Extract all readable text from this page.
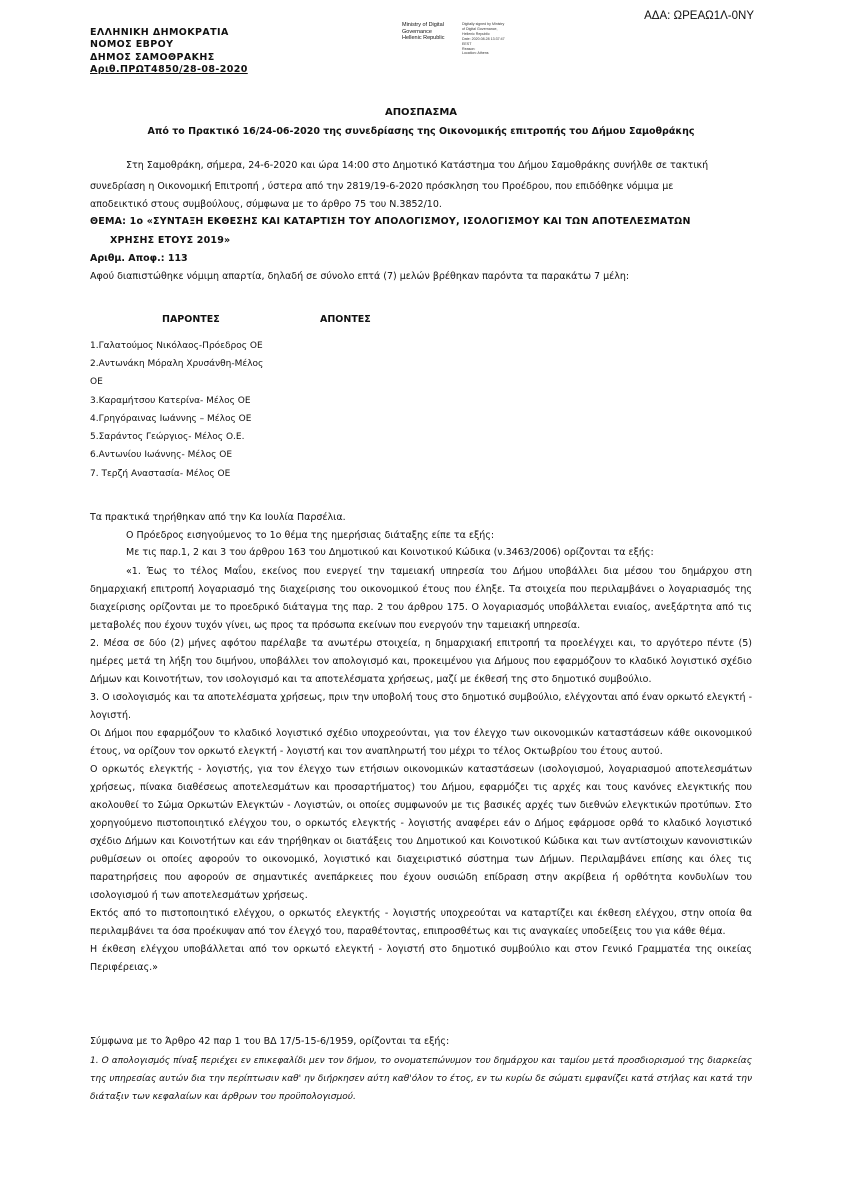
ΑΔΑ: ΩΡΕΑΩ1Λ-0ΝΥ
ΕΛΛΗΝΙΚΗ ΔΗΜΟΚΡΑΤΙΑ
ΝΟΜΟΣ ΕΒΡΟΥ
ΔΗΜΟΣ ΣΑΜΟΘΡΑΚΗΣ
Αριθ.ΠΡΩΤ4850/28-08-2020
Ministry of Digital
Governance
Hellenic Republic
Digitally signed by Ministry
of Digital Governance,
Hellenic Republic
Date: 2020.08.28 13:37:47
EEST
Reason:
Location: Athens
ΑΠΟΣΠΑΣΜΑ
Από το Πρακτικό 16/24-06-2020 της συνεδρίασης της Οικονομικής επιτροπής του Δήμου Σαμοθράκης
Στη Σαμοθράκη, σήμερα, 24-6-2020 και ώρα 14:00 στο Δημοτικό Κατάστημα του Δήμου Σαμοθράκης συνήλθε σε τακτική
συνεδρίαση η Οικονομική Επιτροπή , ύστερα από την 2819/19-6-2020 πρόσκληση του Προέδρου, που επιδόθηκε νόμιμα με
αποδεικτικό στους συμβούλους, σύμφωνα με το άρθρο 75 του Ν.3852/10.
ΘΕΜΑ: 1ο «ΣΥΝΤΑΞΗ ΕΚΘΕΣΗΣ ΚΑΙ ΚΑΤΑΡΤΙΣΗ ΤΟΥ ΑΠΟΛΟΓΙΣΜΟΥ, ΙΣΟΛΟΓΙΣΜΟΥ ΚΑΙ ΤΩΝ ΑΠΟΤΕΛΕΣΜΑΤΩΝ
ΧΡΗΣΗΣ ΕΤΟΥΣ 2019»
Αριθμ. Αποφ.: 113
Αφού διαπιστώθηκε νόμιμη απαρτία, δηλαδή σε σύνολο επτά (7) μελών βρέθηκαν παρόντα τα παρακάτω 7 μέλη:
ΠΑΡΟΝΤΕΣ	ΑΠΟΝΤΕΣ
1.Γαλατούμος Νικόλαος-Πρόεδρος ΟΕ
2.Αντωνάκη Μόραλη Χρυσάνθη-Μέλος
ΟΕ
3.Καραμήτσου Κατερίνα- Μέλος ΟΕ
4.Γρηγόραινας Ιωάννης – Μέλος ΟΕ
5.Σαράντος Γεώργιος- Μέλος Ο.Ε.
6.Αντωνίου Ιωάννης- Μέλος ΟΕ
7. Τερζή Αναστασία- Μέλος ΟΕ
Τα πρακτικά τηρήθηκαν από την Κα Ιουλία Παρσέλια.
Ο Πρόεδρος εισηγούμενος το 1ο θέμα της ημερήσιας διάταξης είπε τα εξής:
Με τις παρ.1, 2 και 3 του άρθρου 163 του Δημοτικού και Κοινοτικού Κώδικα (ν.3463/2006) ορίζονται τα εξής:
«1. Έως το τέλος Μαΐου, εκείνος που ενεργεί την ταμειακή υπηρεσία του Δήμου υποβάλλει δια μέσου του δημάρχου στη δημαρχιακή επιτροπή λογαριασμό της διαχείρισης του οικονομικού έτους που έληξε. Τα στοιχεία που περιλαμβάνει ο λογαριασμός της διαχείρισης ορίζονται με το προεδρικό διάταγμα της παρ. 2 του άρθρου 175. Ο λογαριασμός υποβάλλεται ενιαίος, ανεξάρτητα από τις μεταβολές που έχουν τυχόν γίνει, ως προς τα πρόσωπα εκείνων που ενεργούν την ταμειακή υπηρεσία.
2. Μέσα σε δύο (2) μήνες αφότου παρέλαβε τα ανωτέρω στοιχεία, η δημαρχιακή επιτροπή τα προελέγχει και, το αργότερο πέντε (5) ημέρες μετά τη λήξη του διμήνου, υποβάλλει τον απολογισμό και, προκειμένου για Δήμους που εφαρμόζουν το κλαδικό λογιστικό σχέδιο Δήμων και Κοινοτήτων, τον ισολογισμό και τα αποτελέσματα χρήσεως, μαζί με έκθεσή της στο δημοτικό συμβούλιο.
3. Ο ισολογισμός και τα αποτελέσματα χρήσεως, πριν την υποβολή τους στο δημοτικό συμβούλιο, ελέγχονται από έναν ορκωτό ελεγκτή - λογιστή.
Οι Δήμοι που εφαρμόζουν το κλαδικό λογιστικό σχέδιο υποχρεούνται, για τον έλεγχο των οικονομικών καταστάσεων κάθε οικονομικού έτους, να ορίζουν τον ορκωτό ελεγκτή - λογιστή και τον αναπληρωτή του μέχρι το τέλος Οκτωβρίου του έτους αυτού.
Ο ορκωτός ελεγκτής - λογιστής, για τον έλεγχο των ετήσιων οικονομικών καταστάσεων (ισολογισμού, λογαριασμού αποτελεσμάτων χρήσεως, πίνακα διαθέσεως αποτελεσμάτων και προσαρτήματος) του Δήμου, εφαρμόζει τις αρχές και τους κανόνες ελεγκτικής που ακολουθεί το Σώμα Ορκωτών Ελεγκτών - Λογιστών, οι οποίες συμφωνούν με τις βασικές αρχές των διεθνών ελεγκτικών προτύπων. Στο χορηγούμενο πιστοποιητικό ελέγχου του, ο ορκωτός ελεγκτής - λογιστής αναφέρει εάν ο Δήμος εφάρμοσε ορθά το κλαδικό λογιστικό σχέδιο Δήμων και Κοινοτήτων και εάν τηρήθηκαν οι διατάξεις του Δημοτικού και Κοινοτικού Κώδικα και των αντίστοιχων κανονιστικών ρυθμίσεων οι οποίες αφορούν το οικονομικό, λογιστικό και διαχειριστικό σύστημα των Δήμων. Περιλαμβάνει επίσης και όλες τις παρατηρήσεις που αφορούν σε σημαντικές ανεπάρκειες που έχουν ουσιώδη επίδραση στην ακρίβεια ή ορθότητα κονδυλίων του ισολογισμού ή των αποτελεσμάτων χρήσεως.
Εκτός από το πιστοποιητικό ελέγχου, ο ορκωτός ελεγκτής - λογιστής υποχρεούται να καταρτίζει και έκθεση ελέγχου, στην οποία θα περιλαμβάνει τα όσα προέκυψαν από τον έλεγχό του, παραθέτοντας, επιπροσθέτως και τις αναγκαίες υποδείξεις του για κάθε θέμα.
Η έκθεση ελέγχου υποβάλλεται από τον ορκωτό ελεγκτή - λογιστή στο δημοτικό συμβούλιο και στον Γενικό Γραμματέα της οικείας Περιφέρειας.»
Σύμφωνα με το Άρθρο 42 παρ 1 του ΒΔ 17/5-15-6/1959, ορίζονται τα εξής:
1. Ο απολογισμός πίναξ περιέχει εν επικεφαλίδι μεν τον δήμον, το ονοματεπώνυμον του δημάρχου και ταμίου μετά προσδιορισμού της διαρκείας της υπηρεσίας αυτών δια την περίπτωσιν καθ' ην διήρκησεν αύτη καθ'όλον το έτος, εν τω κυρίω δε σώματι εμφανίζει κατά στήλας και κατά την διάταξιν των κεφαλαίων και άρθρων του προϋπολογισμού.
